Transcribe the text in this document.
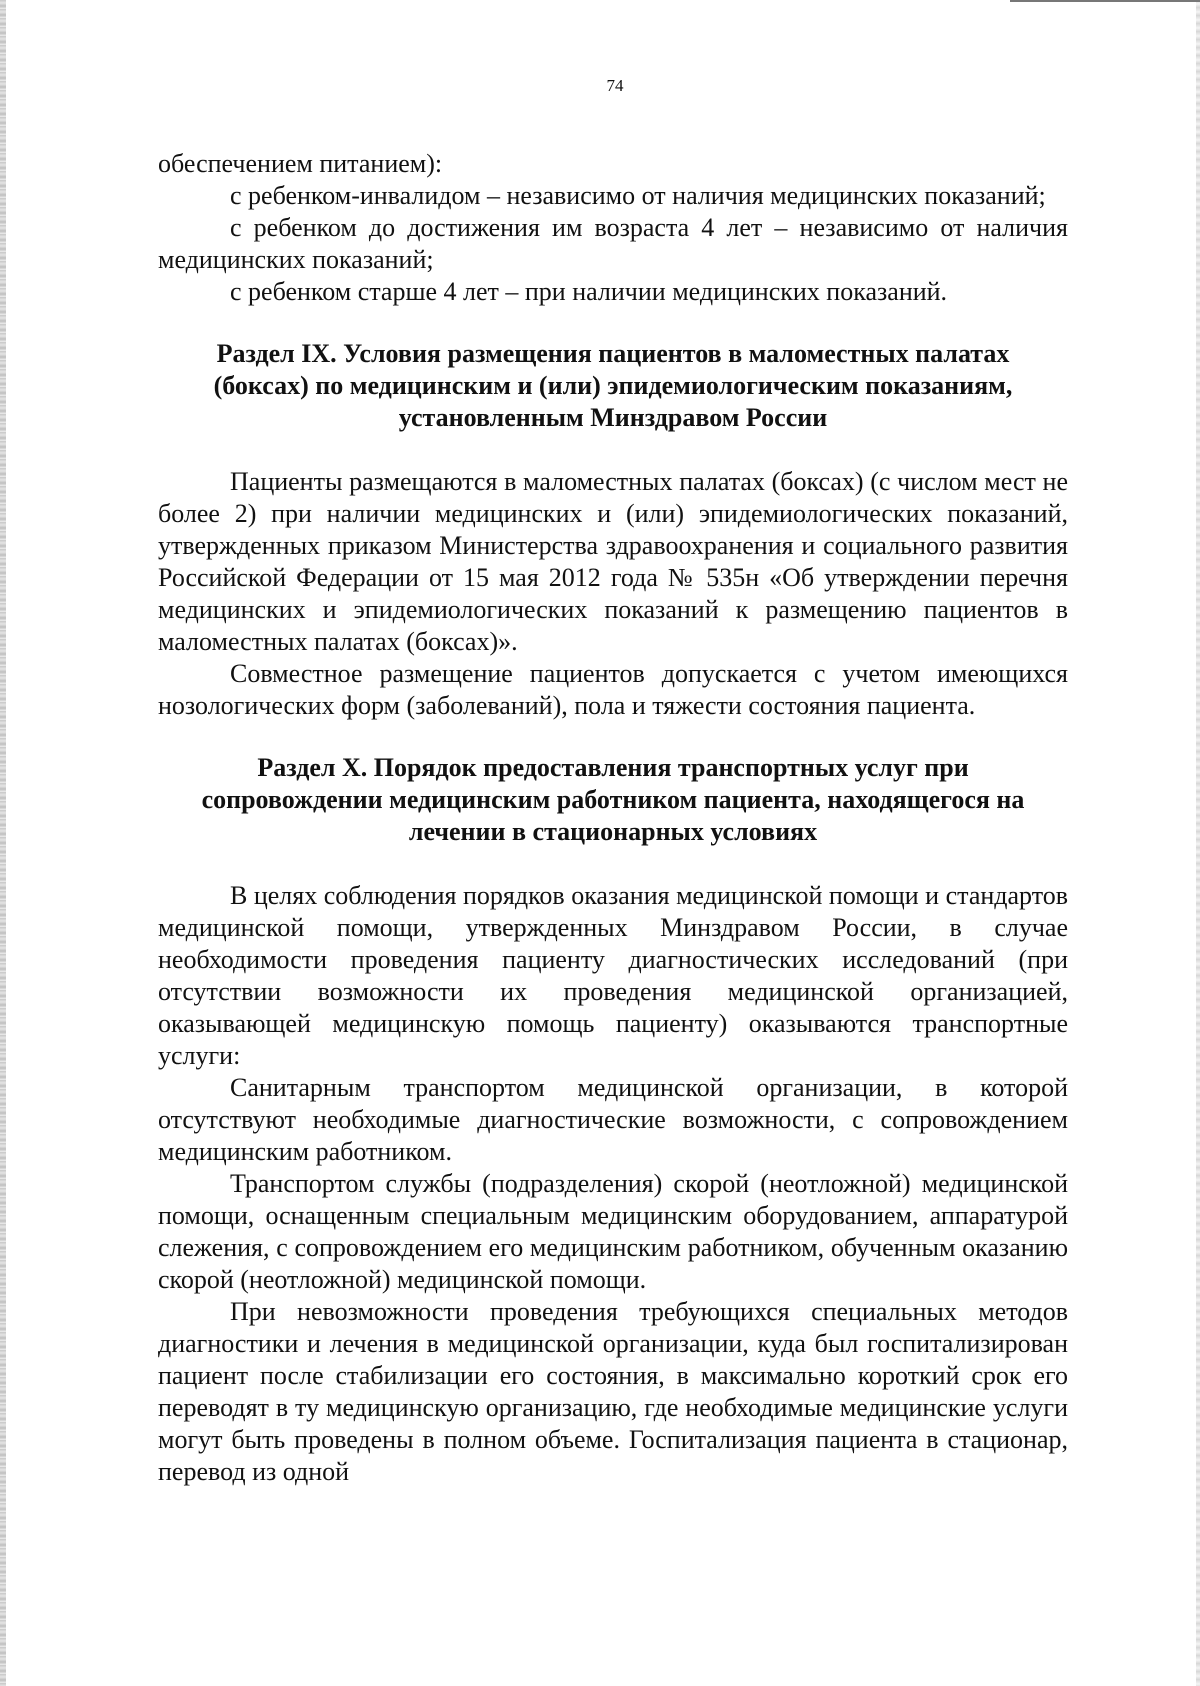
74

обеспечением питанием):

с ребенком-инвалидом – независимо от наличия медицинских показаний;

с ребенком до достижения им возраста 4 лет – независимо от наличия медицинских показаний;

с ребенком старше 4 лет – при наличии медицинских показаний.

Раздел IX. Условия размещения пациентов в маломестных палатах (боксах) по медицинским и (или) эпидемиологическим показаниям, установленным Минздравом России

Пациенты размещаются в маломестных палатах (боксах) (с числом мест не более 2) при наличии медицинских и (или) эпидемиологических показаний, утвержденных приказом Министерства здравоохранения и социального развития Российской Федерации от 15 мая 2012 года № 535н «Об утверждении перечня медицинских и эпидемиологических показаний к размещению пациентов в маломестных палатах (боксах)».

Совместное размещение пациентов допускается с учетом имеющихся нозологических форм (заболеваний), пола и тяжести состояния пациента.

Раздел X. Порядок предоставления транспортных услуг при сопровождении медицинским работником пациента, находящегося на лечении в стационарных условиях

В целях соблюдения порядков оказания медицинской помощи и стандартов медицинской помощи, утвержденных Минздравом России, в случае необходимости проведения пациенту диагностических исследований (при отсутствии возможности их проведения медицинской организацией, оказывающей медицинскую помощь пациенту) оказываются транспортные услуги:

Санитарным транспортом медицинской организации, в которой отсутствуют необходимые диагностические возможности, с сопровождением медицинским работником.

Транспортом службы (подразделения) скорой (неотложной) медицинской помощи, оснащенным специальным медицинским оборудованием, аппаратурой слежения, с сопровождением его медицинским работником, обученным оказанию скорой (неотложной) медицинской помощи.

При невозможности проведения требующихся специальных методов диагностики и лечения в медицинской организации, куда был госпитализирован пациент после стабилизации его состояния, в максимально короткий срок его переводят в ту медицинскую организацию, где необходимые медицинские услуги могут быть проведены в полном объеме. Госпитализация пациента в стационар, перевод из одной
